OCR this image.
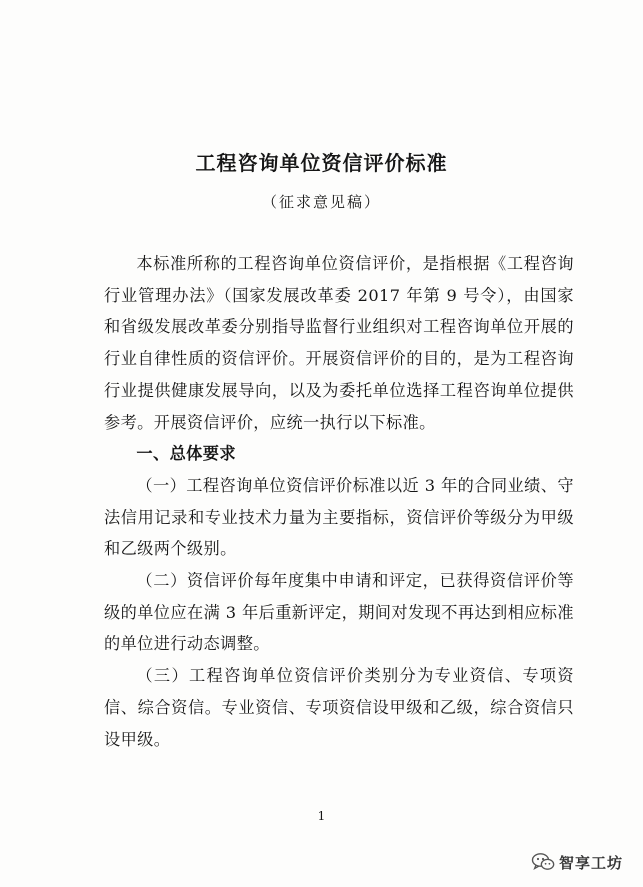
工程咨询单位资信评价标准
（征求意见稿）

本标准所称的工程咨询单位资信评价，是指根据《工程咨询行业管理办法》（国家发展改革委 2017 年第 9 号令），由国家和省级发展改革委分别指导监督行业组织对工程咨询单位开展的行业自律性质的资信评价。开展资信评价的目的，是为工程咨询行业提供健康发展导向，以及为委托单位选择工程咨询单位提供参考。开展资信评价，应统一执行以下标准。

一、总体要求

（一）工程咨询单位资信评价标准以近 3 年的合同业绩、守法信用记录和专业技术力量为主要指标，资信评价等级分为甲级和乙级两个级别。

（二）资信评价每年度集中申请和评定，已获得资信评价等级的单位应在满 3 年后重新评定，期间对发现不再达到相应标准的单位进行动态调整。

（三）工程咨询单位资信评价类别分为专业资信、专项资信、综合资信。专业资信、专项资信设甲级和乙级，综合资信只设甲级。

1
智享工坊
